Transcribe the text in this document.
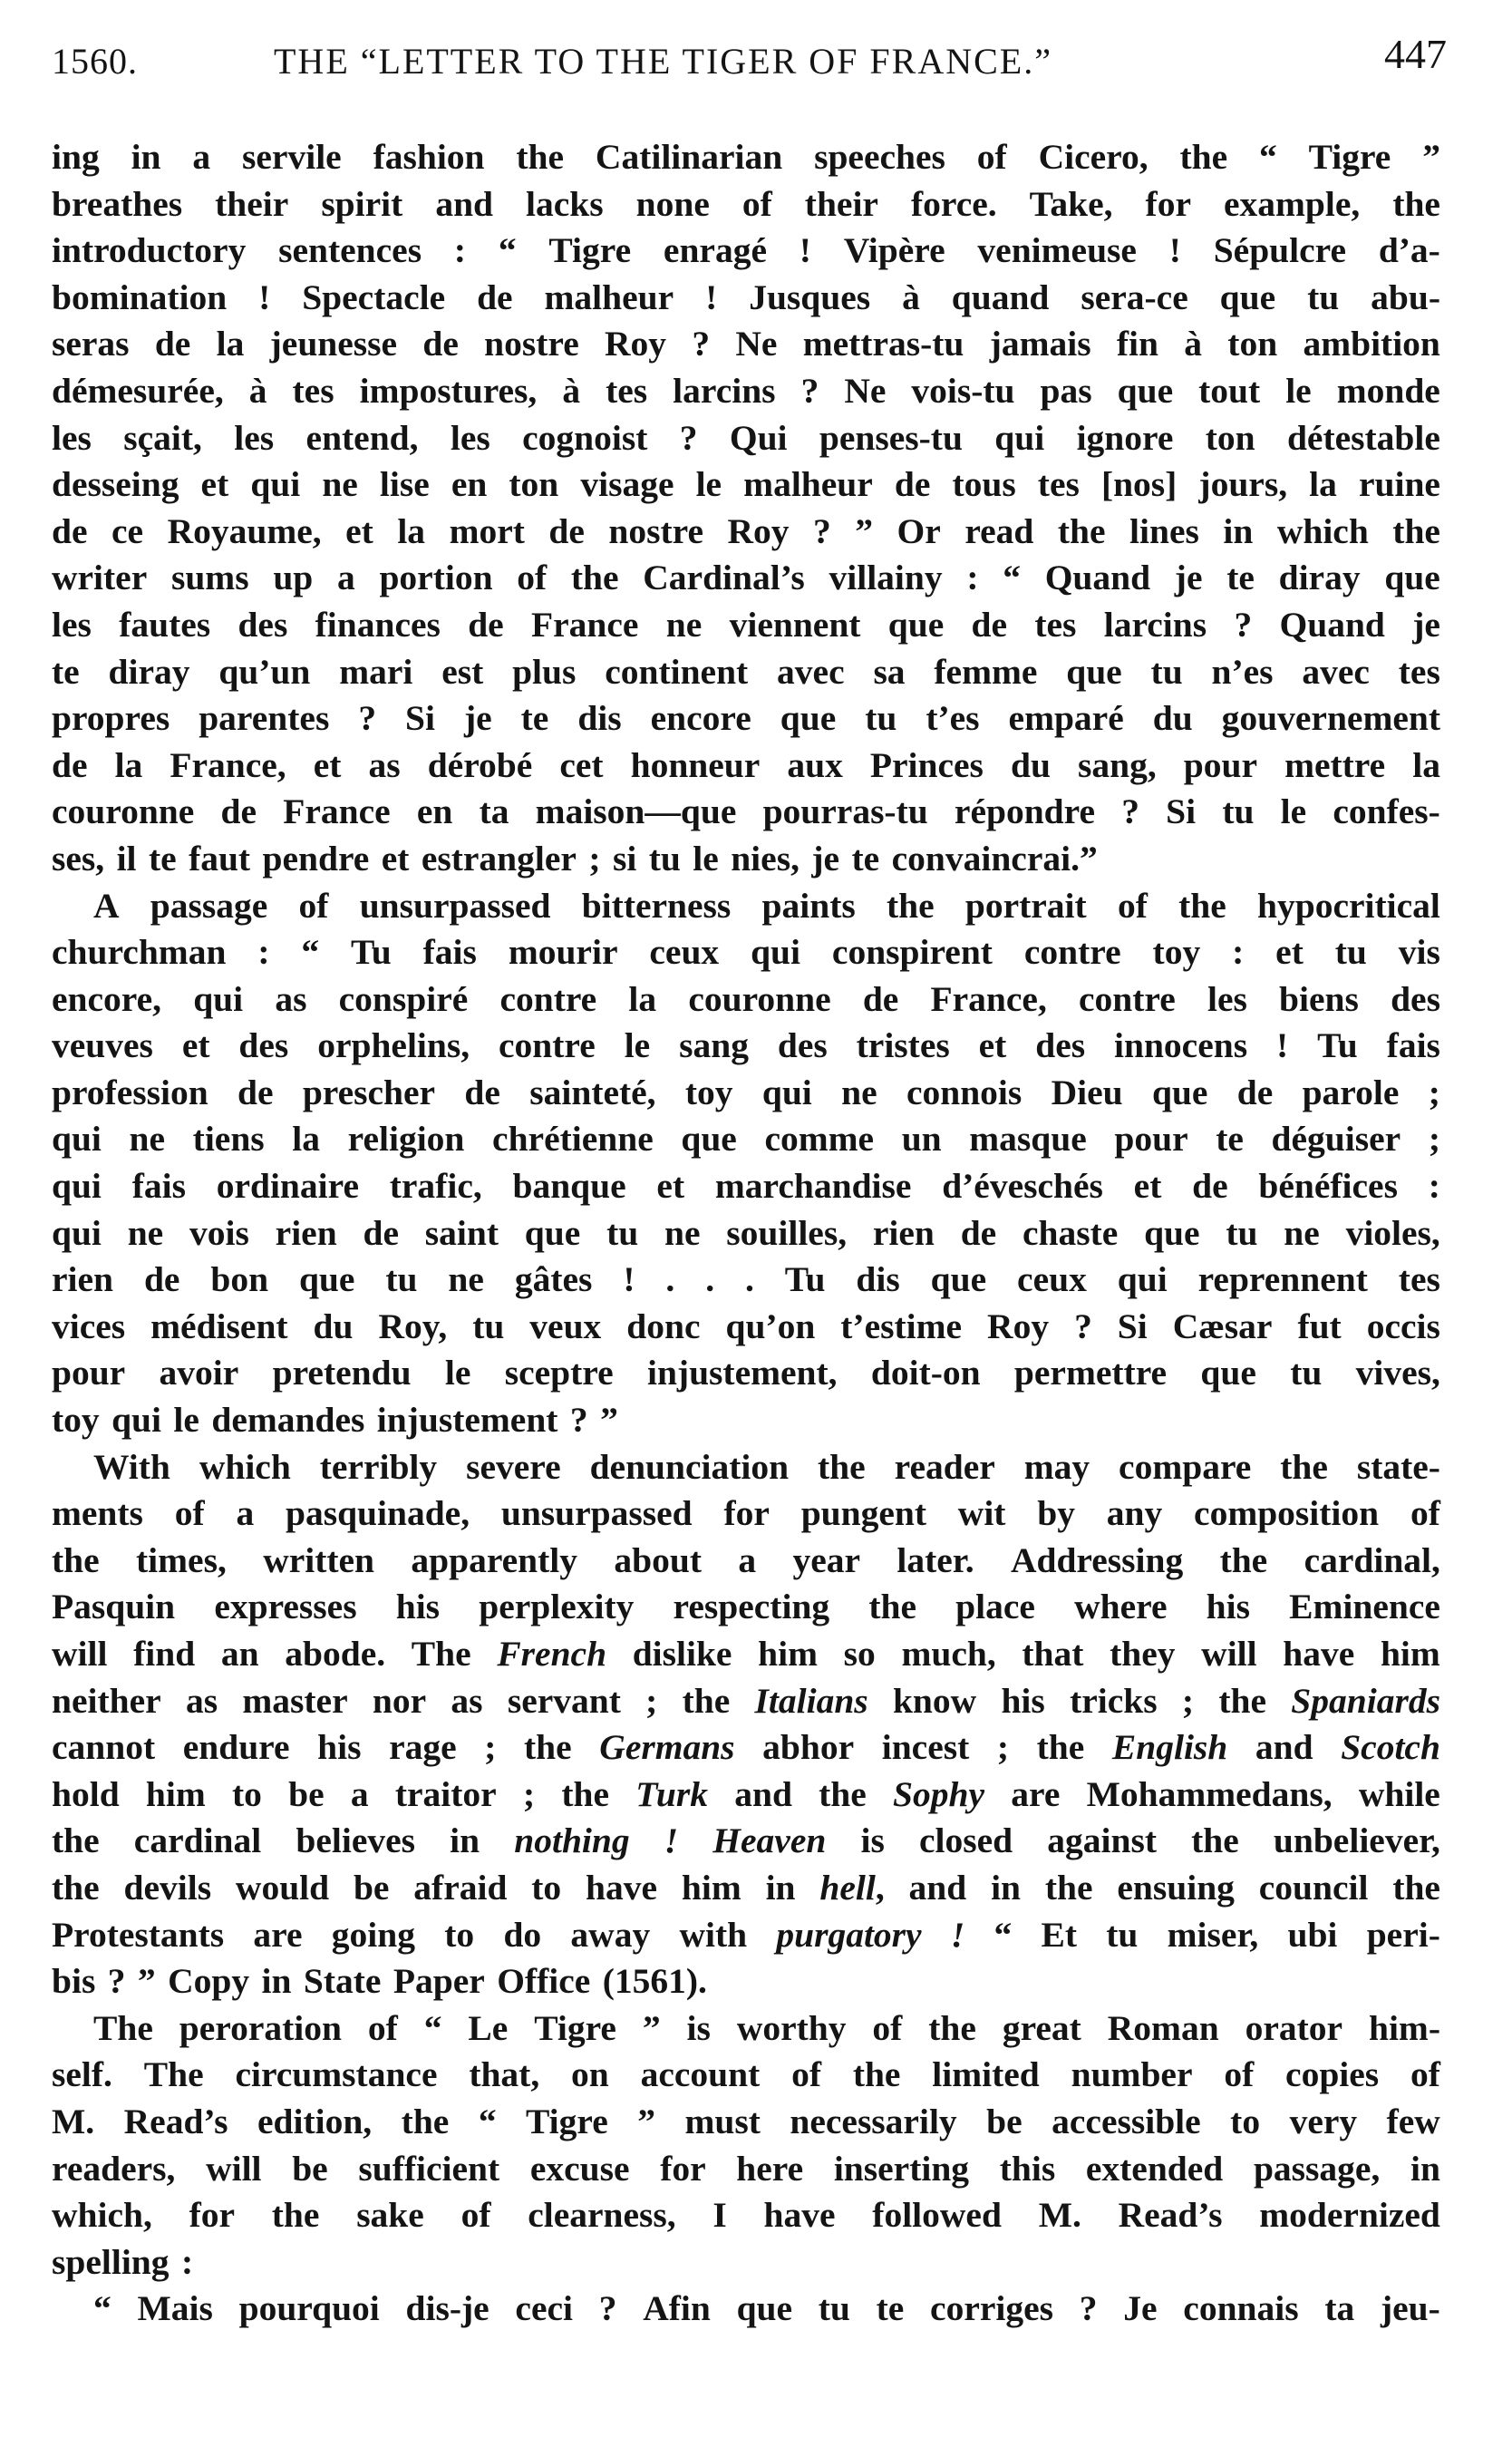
1560.	THE “LETTER TO THE TIGER OF FRANCE.”	447
ing in a servile fashion the Catilinarian speeches of Cicero, the “ Tigre ”
breathes their spirit and lacks none of their force. Take, for example, the
introductory sentences : “ Tigre enragé ! Vipère venimeuse ! Sépulcre d’a-
bomination ! Spectacle de malheur ! Jusques à quand sera-ce que tu abu-
seras de la jeunesse de nostre Roy ? Ne mettras-tu jamais fin à ton ambition
démesurée, à tes impostures, à tes larcins ? Ne vois-tu pas que tout le monde
les sçait, les entend, les cognoist ? Qui penses-tu qui ignore ton détestable
desseing et qui ne lise en ton visage le malheur de tous tes [nos] jours, la ruine
de ce Royaume, et la mort de nostre Roy ? ” Or read the lines in which the
writer sums up a portion of the Cardinal’s villainy : “ Quand je te diray que
les fautes des finances de France ne viennent que de tes larcins ? Quand je
te diray qu’un mari est plus continent avec sa femme que tu n’es avec tes
propres parentes ? Si je te dis encore que tu t’es emparé du gouvernement
de la France, et as dérobé cet honneur aux Princes du sang, pour mettre la
couronne de France en ta maison—que pourras-tu répondre ? Si tu le confes-
ses, il te faut pendre et estrangler ; si tu le nies, je te convaincrai.”
A passage of unsurpassed bitterness paints the portrait of the hypocritical
churchman : “ Tu fais mourir ceux qui conspirent contre toy : et tu vis
encore, qui as conspiré contre la couronne de France, contre les biens des
veuves et des orphelins, contre le sang des tristes et des innocens ! Tu fais
profession de prescher de sainteté, toy qui ne connois Dieu que de parole ;
qui ne tiens la religion chrétienne que comme un masque pour te déguiser ;
qui fais ordinaire trafic, banque et marchandise d’éveschés et de bénéfices :
qui ne vois rien de saint que tu ne souilles, rien de chaste que tu ne violes,
rien de bon que tu ne gâtes ! . . . Tu dis que ceux qui reprennent tes
vices médisent du Roy, tu veux donc qu’on t’estime Roy ? Si Cæsar fut occis
pour avoir pretendu le sceptre injustement, doit-on permettre que tu vives,
toy qui le demandes injustement ? ”
With which terribly severe denunciation the reader may compare the state-
ments of a pasquinade, unsurpassed for pungent wit by any composition of
the times, written apparently about a year later. Addressing the cardinal,
Pasquin expresses his perplexity respecting the place where his Eminence
will find an abode. The French dislike him so much, that they will have him
neither as master nor as servant ; the Italians know his tricks ; the Spaniards
cannot endure his rage ; the Germans abhor incest ; the English and Scotch
hold him to be a traitor ; the Turk and the Sophy are Mohammedans, while
the cardinal believes in nothing ! Heaven is closed against the unbeliever,
the devils would be afraid to have him in hell, and in the ensuing council the
Protestants are going to do away with purgatory ! “ Et tu miser, ubi peri-
bis ? ” Copy in State Paper Office (1561).
The peroration of “ Le Tigre ” is worthy of the great Roman orator him-
self. The circumstance that, on account of the limited number of copies of
M. Read’s edition, the “ Tigre ” must necessarily be accessible to very few
readers, will be sufficient excuse for here inserting this extended passage, in
which, for the sake of clearness, I have followed M. Read’s modernized
spelling :
“ Mais pourquoi dis-je ceci ? Afin que tu te corriges ? Je connais ta jeu-
